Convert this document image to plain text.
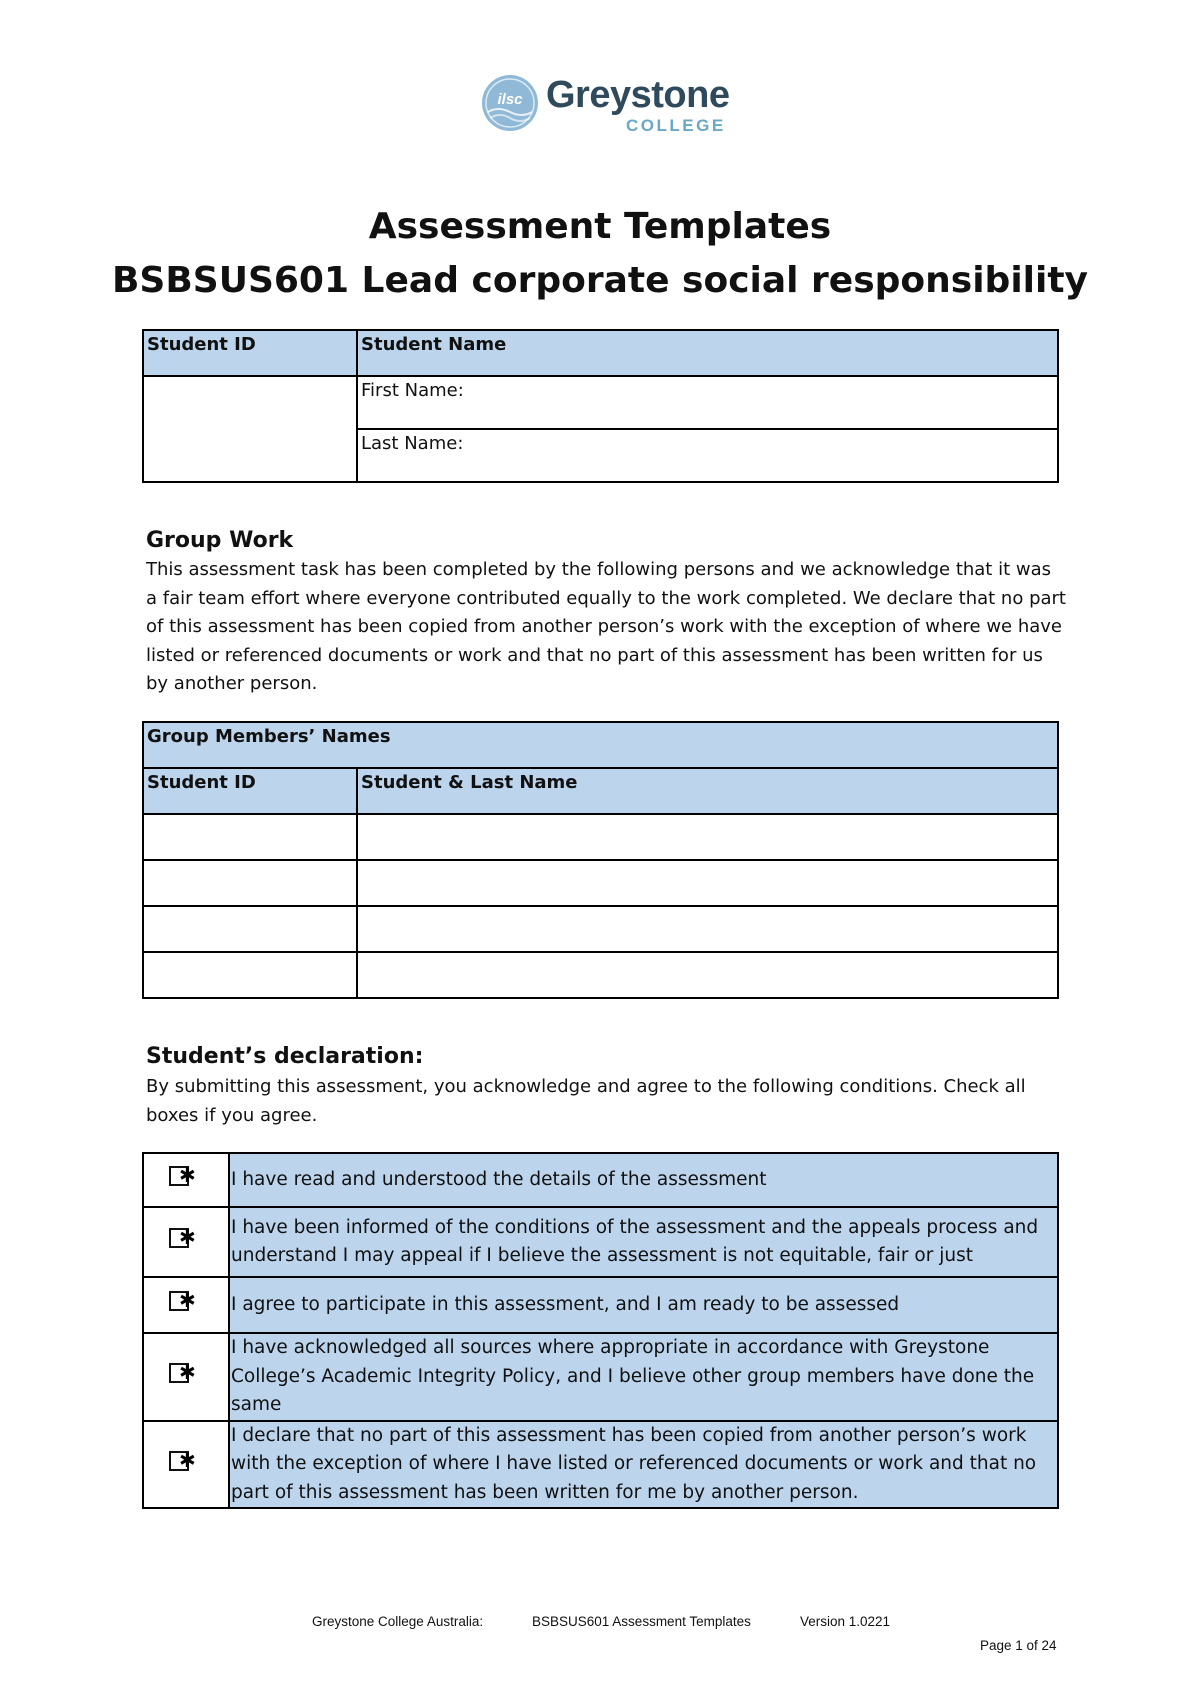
ilsc Greystone
COLLEGE
Assessment Templates
BSBSUS601 Lead corporate social responsibility
Student ID	Student Name
	First Name:
	Last Name:
Group Work
This assessment task has been completed by the following persons and we acknowledge that it was a fair team effort where everyone contributed equally to the work completed. We declare that no part of this assessment has been copied from another person’s work with the exception of where we have listed or referenced documents or work and that no part of this assessment has been written for us by another person.
Group Members’ Names	
Student ID	Student & Last Name

Student’s declaration:
By submitting this assessment, you acknowledge and agree to the following conditions. Check all boxes if you agree.
✱	I have read and understood the details of the assessment

✱	I have been informed of the conditions of the assessment and the appeals process and understand I may appeal if I believe the assessment is not equitable, fair or just

✱	I agree to participate in this assessment, and I am ready to be assessed

✱	I have acknowledged all sources where appropriate in accordance with Greystone College’s Academic Integrity Policy, and I believe other group members have done the same

✱	I declare that no part of this assessment has been copied from another person’s work with the exception of where I have listed or referenced documents or work and that no part of this assessment has been written for me by another person.
Greystone College Australia:	BSBSUS601 Assessment Templates	Version 1.0221
Page 1 of 24
